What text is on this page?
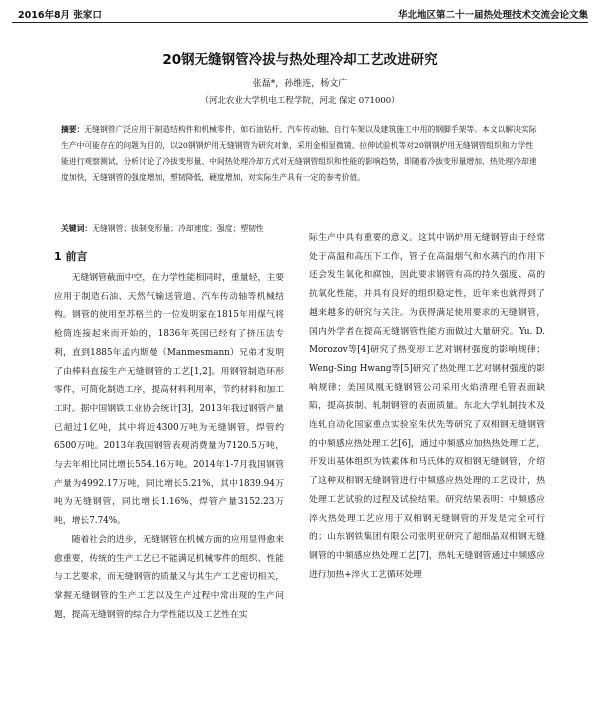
2016年8月 张家口	华北地区第二十一届热处理技术交流会论文集
20钢无缝钢管冷拔与热处理冷却工艺改进研究
张磊*，孙维连，杨文广
（河北农业大学机电工程学院，河北 保定 071000）
摘要：无缝钢管广泛应用于制造结构件和机械零件，如石油钻杆、汽车传动轴、自行车架以及建筑施工中用的钢脚手架等。本文以解决实际生产中可能存在的问题为目的，以20钢钢炉用无缝钢管为研究对象，采用金相显微镜、拉伸试验机等对20钢钢炉用无缝钢管组织和力学性能进行观察测试，分析讨论了冷拔变形量、中间热处理冷却方式对无缝钢管组织和性能的影响趋势，即随着冷拔变形量增加、热处理冷却速度加快，无缝钢管的强度增加，塑韧降低，硬度增加，对实际生产具有一定的参考价值。
关键词：无缝钢管；拔制变形量；冷却速度；强度；塑韧性
1 前言

无缝钢管截面中空，在力学性能相同时，重量轻，主要应用于制造石油、天然气输送管道、汽车传动轴等机械结构。钢管的使用至苏格兰的一位发明家在1815年用煤气将枪筒连接起来而开始的，1836年英国已经有了挤压法专利，直到1885年孟内斯曼（Manmesmann）兄弟才发明了由棒料直接生产无缝钢管的工艺[1,2]。用钢管制造环形零件，可简化制造工序，提高材料利用率，节约材料和加工工时。据中国钢铁工业协会统计[3]，2013年我过钢管产量已超过1亿吨，其中将近4300万吨为无缝钢管，焊管约6500万吨。2013年我国钢管表观消费量为7120.5万吨，与去年相比同比增长554.16万吨。2014年1-7月我国钢管产量为4992.17万吨，同比增长5.21%，其中1839.94万吨为无缝钢管，同比增长1.16%，焊管产量3152.23万吨，增长7.74%。

随着社会的进步，无缝钢管在机械方面的应用显得愈来愈重要，传统的生产工艺已不能满足机械零件的组织、性能与工艺要求，而无缝钢管的质量又与其生产工艺密切相关，掌握无缝钢管的生产工艺以及生产过程中常出现的生产问题，提高无缝钢管的综合力学性能以及工艺性在实

际生产中具有重要的意义。这其中锅炉用无缝钢管由于经常处于高温和高压下工作，管子在高温烟气和水蒸汽的作用下还会发生氧化和腐蚀，因此要求钢管有高的持久强度、高的抗氧化性能，并具有良好的组织稳定性，近年来也就得到了越来越多的研究与关注。为获得满足使用要求的无缝钢管，国内外学者在提高无缝钢管性能方面做过大量研究。Yu. D. Morozov等[4]研究了热变形工艺对钢材强度的影响规律；Weng-Sing Hwang等[5]研究了热处理工艺对钢材强度的影响规律；美国凤凰无缝钢管公司采用火焰清理毛管表面缺陷，提高拔制、轧制钢管的表面质量。东北大学轧制技术及连轧自动化国家重点实验室朱伏先等研究了双相钢无缝钢管的中频感应热处理工艺[6]，通过中频感应加热热处理工艺，开发出基体组织为铁素体和马氏体的双相钢无缝钢管，介绍了这种双相钢无缝钢管进行中频感应热处理的工艺设计，热处理工艺试验的过程及试验结果。研究结果表明：中频感应淬火热处理工艺应用于双相钢无缝钢管的开发是完全可行的；山东钢铁集团有限公司张明亚研究了超细晶双相钢无缝钢管的中频感应热处理工艺[7]，热轧无缝钢管通过中频感应进行加热+淬火工艺循环处理
